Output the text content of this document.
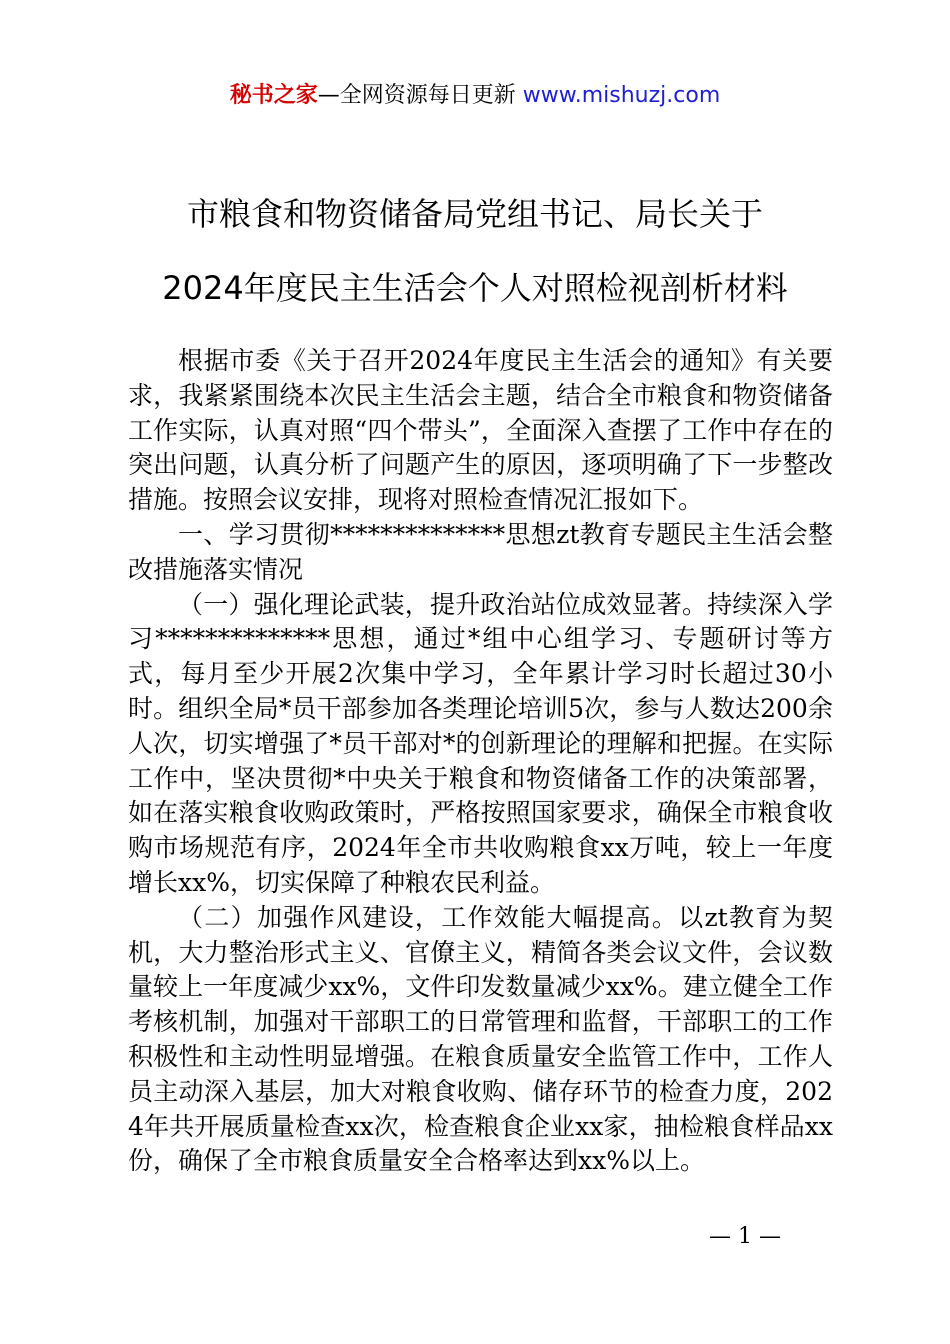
秘书之家—全网资源每日更新 www.mishuzj.com
市粮食和物资储备局党组书记、局长关于
2024年度民主生活会个人对照检视剖析材料

根据市委《关于召开2024年度民主生活会的通知》有关要求，我紧紧围绕本次民主生活会主题，结合全市粮食和物资储备工作实际，认真对照“四个带头”，全面深入查摆了工作中存在的突出问题，认真分析了问题产生的原因，逐项明确了下一步整改措施。按照会议安排，现将对照检查情况汇报如下。

一、学习贯彻**************思想zt教育专题民主生活会整改措施落实情况

（一）强化理论武装，提升政治站位成效显著。持续深入学习**************思想，通过*组中心组学习、专题研讨等方式，每月至少开展2次集中学习，全年累计学习时长超过30小时。组织全局*员干部参加各类理论培训5次，参与人数达200余人次，切实增强了*员干部对*的创新理论的理解和把握。在实际工作中，坚决贯彻*中央关于粮食和物资储备工作的决策部署，如在落实粮食收购政策时，严格按照国家要求，确保全市粮食收购市场规范有序，2024年全市共收购粮食xx万吨，较上一年度增长xx%，切实保障了种粮农民利益。

（二）加强作风建设，工作效能大幅提高。以zt教育为契机，大力整治形式主义、官僚主义，精简各类会议文件，会议数量较上一年度减少xx%，文件印发数量减少xx%。建立健全工作考核机制，加强对干部职工的日常管理和监督，干部职工的工作积极性和主动性明显增强。在粮食质量安全监管工作中，工作人员主动深入基层，加大对粮食收购、储存环节的检查力度，2024年共开展质量检查xx次，检查粮食企业xx家，抽检粮食样品xx份，确保了全市粮食质量安全合格率达到xx%以上。

— 1 —
